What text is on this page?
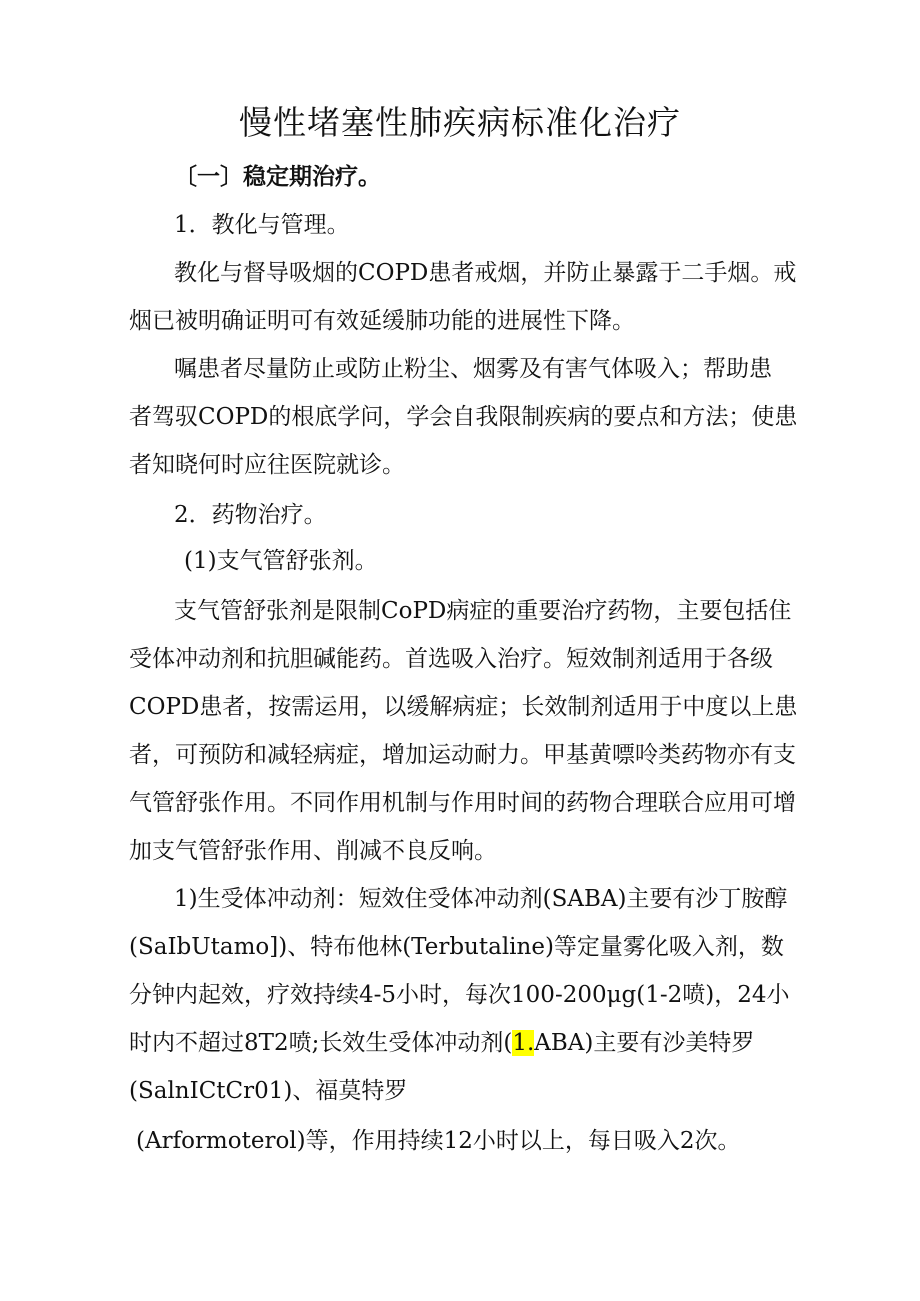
慢性堵塞性肺疾病标准化治疗
〔一〕稳定期治疗。
1．教化与管理。
教化与督导吸烟的COPD患者戒烟，并防止暴露于二手烟。戒
烟已被明确证明可有效延缓肺功能的进展性下降。
嘱患者尽量防止或防止粉尘、烟雾及有害气体吸入；帮助患
者驾驭COPD的根底学问，学会自我限制疾病的要点和方法；使患
者知晓何时应往医院就诊。
2．药物治疗。
(1)支气管舒张剂。
支气管舒张剂是限制CoPD病症的重要治疗药物，主要包括住
受体冲动剂和抗胆碱能药。首选吸入治疗。短效制剂适用于各级
COPD患者，按需运用，以缓解病症；长效制剂适用于中度以上患
者，可预防和减轻病症，增加运动耐力。甲基黄嘌呤类药物亦有支
气管舒张作用。不同作用机制与作用时间的药物合理联合应用可增
加支气管舒张作用、削减不良反响。
1)生受体冲动剂：短效住受体冲动剂(SABA)主要有沙丁胺醇
(SaIbUtamo])、特布他林(Terbutaline)等定量雾化吸入剂，数
分钟内起效，疗效持续4-5小时，每次100-200μg(1-2喷)，24小
时内不超过8T2喷;长效生受体冲动剂(1.ABA)主要有沙美特罗
(SalnICtCr01)、福莫特罗
(Arformoterol)等，作用持续12小时以上，每日吸入2次。
